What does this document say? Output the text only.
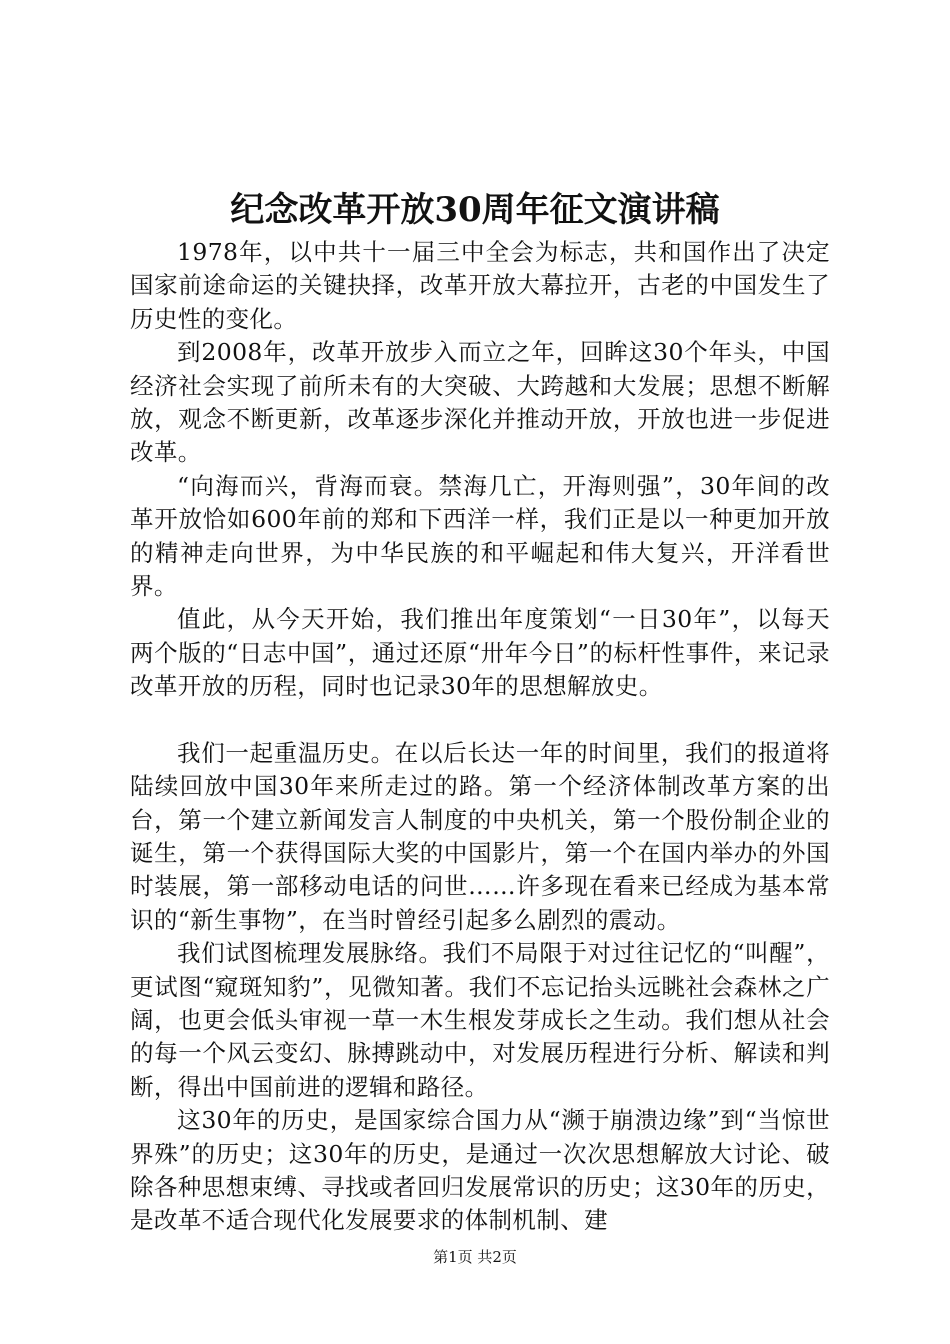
纪念改革开放30周年征文演讲稿

1978年，以中共十一届三中全会为标志，共和国作出了决定国家前途命运的关键抉择，改革开放大幕拉开，古老的中国发生了历史性的变化。

到2008年，改革开放步入而立之年，回眸这30个年头，中国经济社会实现了前所未有的大突破、大跨越和大发展；思想不断解放，观念不断更新，改革逐步深化并推动开放，开放也进一步促进改革。

“向海而兴，背海而衰。禁海几亡，开海则强”，30年间的改革开放恰如600年前的郑和下西洋一样，我们正是以一种更加开放的精神走向世界，为中华民族的和平崛起和伟大复兴，开洋看世界。

值此，从今天开始，我们推出年度策划“一日30年”，以每天两个版的“日志中国”，通过还原“卅年今日”的标杆性事件，来记录改革开放的历程，同时也记录30年的思想解放史。

我们一起重温历史。在以后长达一年的时间里，我们的报道将陆续回放中国30年来所走过的路。第一个经济体制改革方案的出台，第一个建立新闻发言人制度的中央机关，第一个股份制企业的诞生，第一个获得国际大奖的中国影片，第一个在国内举办的外国时装展，第一部移动电话的问世……许多现在看来已经成为基本常识的“新生事物”，在当时曾经引起多么剧烈的震动。

我们试图梳理发展脉络。我们不局限于对过往记忆的“叫醒”，更试图“窥斑知豹”，见微知著。我们不忘记抬头远眺社会森林之广阔，也更会低头审视一草一木生根发芽成长之生动。我们想从社会的每一个风云变幻、脉搏跳动中，对发展历程进行分析、解读和判断，得出中国前进的逻辑和路径。

这30年的历史，是国家综合国力从“濒于崩溃边缘”到“当惊世界殊”的历史；这30年的历史，是通过一次次思想解放大讨论、破除各种思想束缚、寻找或者回归发展常识的历史；这30年的历史，是改革不适合现代化发展要求的体制机制、建

第1页 共2页
